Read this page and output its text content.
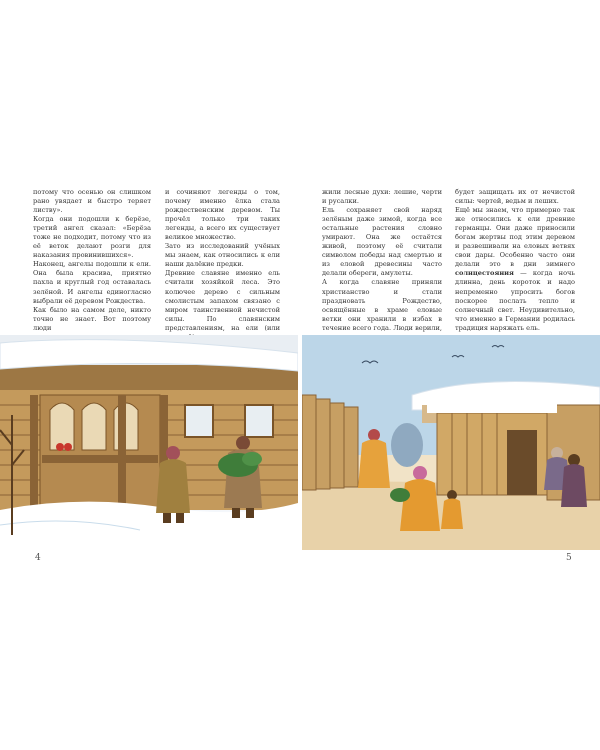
потому что осенью он слишком рано увядает и быстро теряет листву».
Когда они подошли к берёзе, третий ангел сказал: «Берёза тоже не подходит, потому что из её веток делают розги для наказания провинившихся».
Наконец, ангелы подошли к ели. Она была красива, приятно пахла и круглый год оставалась зелёной. И ангелы единогласно выбрали её деревом Рождества.
Как было на самом деле, никто точно не знает. Вот поэтому люди
и сочиняют легенды о том, почему именно ёлка стала рождественским деревом. Ты прочёл только три таких легенды, а всего их существует великое множество.
Зато из исследований учёных мы знаем, как относились к ели наши далёкие предки.
Древние славяне именно ель считали хозяйкой леса. Это колючее дерево с сильным смолистым запахом связано с миром таинственной нечистой силы. По славянским представлениям, на ели (или
жили лесные духи: лешие, черти и русалки.
Ель сохраняет свой наряд зелёным даже зимой, когда все остальные растения словно умирают. Она же остаётся живой, поэтому её считали символом победы над смертью и из еловой древесины часто делали обереги, амулеты.
А когда славяне приняли христианство и стали праздновать Рождество, освящённые в храме еловые ветки они хранили в избах в течение всего года. Люди верили,
будет защищать их от нечистой силы: чертей, ведьм и леших.
Ещё мы знаем, что примерно так же относились к ели древние германцы. Они даже приносили богам жертвы под этим деревом и развешивали на еловых ветвях свои дары. Особенно часто они делали это в дни зимнего солнцестояния — когда ночь длинна, день короток и надо непременно упросить богов поскорее послать тепло и солнечный свет. Неудивительно, что именно в Германии родилась традиция наряжать ель.
4	5
